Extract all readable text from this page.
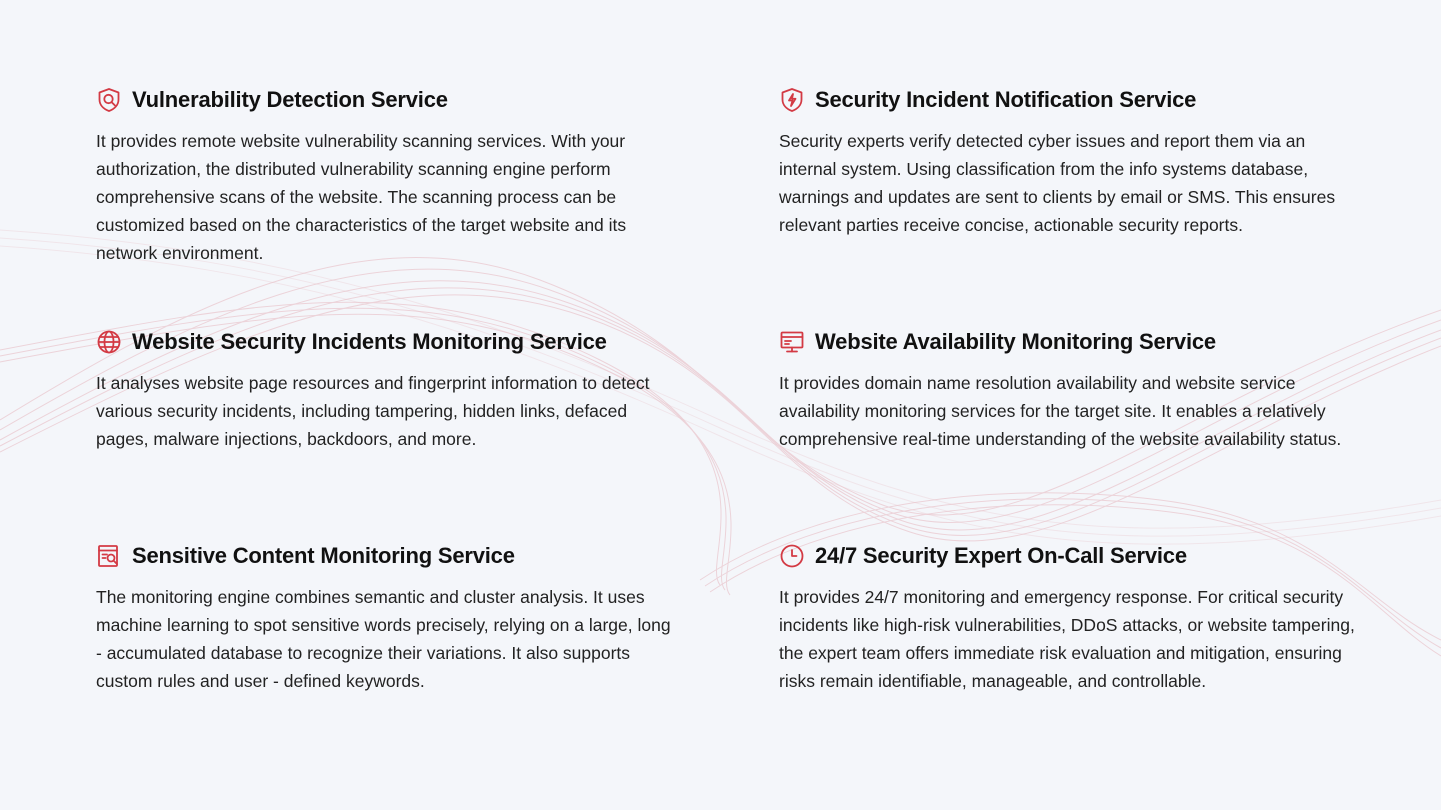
Vulnerability Detection Service

It provides remote website vulnerability scanning services. With your authorization, the distributed vulnerability scanning engine perform comprehensive scans of the website. The scanning process can be customized based on the characteristics of the target website and its network environment.

Security Incident Notification Service

Security experts verify detected cyber issues and report them via an internal system. Using classification from the info systems database, warnings and updates are sent to clients by email or SMS. This ensures relevant parties receive concise, actionable security reports.

Website Security Incidents Monitoring Service

It analyses website page resources and fingerprint information to detect various security incidents, including tampering, hidden links, defaced pages, malware injections, backdoors, and more.

Website Availability Monitoring Service

It provides domain name resolution availability and website service availability monitoring services for the target site. It enables a relatively comprehensive real-time understanding of the website availability status.

Sensitive Content Monitoring Service

The monitoring engine combines semantic and cluster analysis. It uses machine learning to spot sensitive words precisely, relying on a large, long - accumulated database to recognize their variations. It also supports custom rules and user - defined keywords.

24/7 Security Expert On-Call Service

It provides 24/7 monitoring and emergency response. For critical security incidents like high-risk vulnerabilities, DDoS attacks, or website tampering, the expert team offers immediate risk evaluation and mitigation, ensuring risks remain identifiable, manageable, and controllable.
